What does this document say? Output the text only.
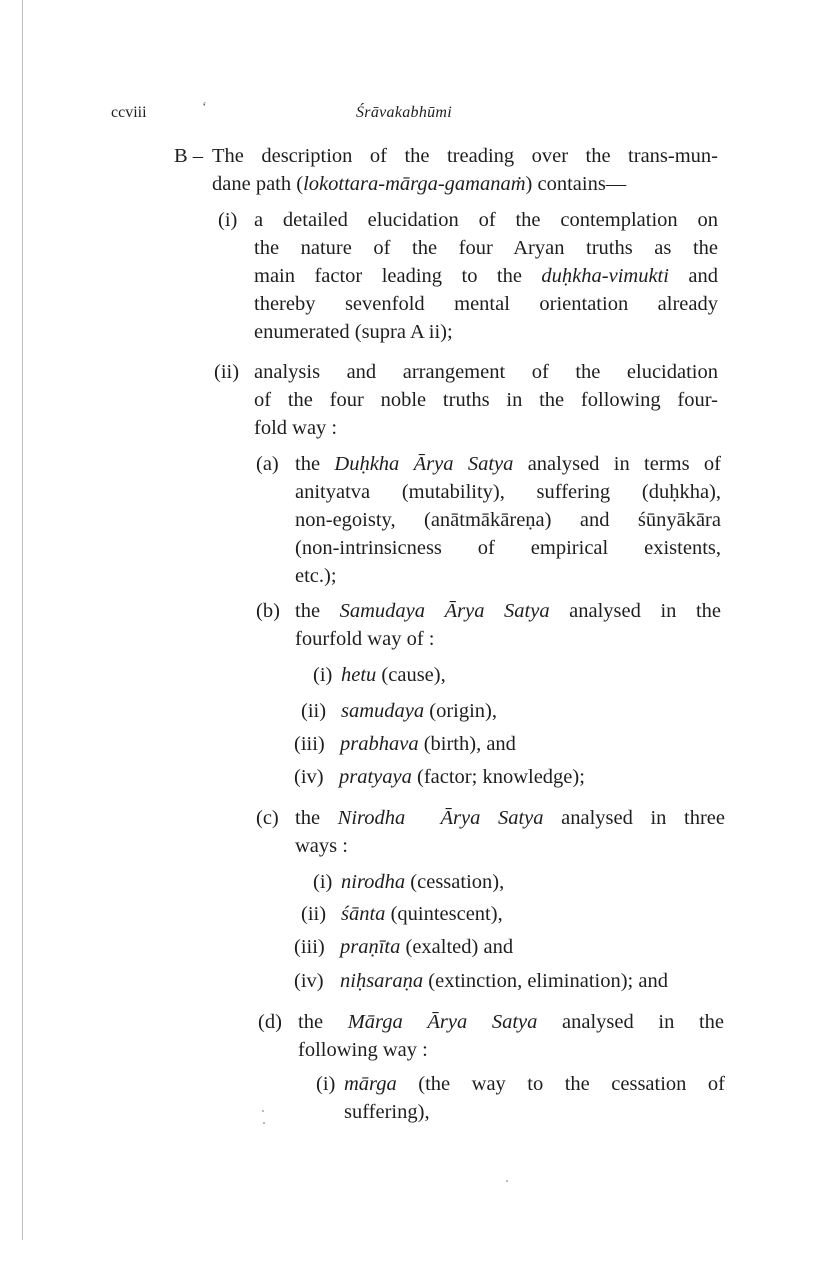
ccviii	‘	Śrāvakabhūmi
B – The description of the treading over the trans-mun-
dane path (lokottara-mārga-gamanaṁ) contains—
(i) a detailed elucidation of the contemplation on
the nature of the four Aryan truths as the
main factor leading to the duḥkha-vimukti and
thereby sevenfold mental orientation already
enumerated (supra A ii);
(ii) analysis and arrangement of the elucidation
of the four noble truths in the following four-
fold way :
(a) the Duḥkha Ārya Satya analysed in terms of
anityatva (mutability), suffering (duḥkha),
non-egoisty, (anātmākāreṇa) and śūnyākāra
(non-intrinsicness of empirical existents,
etc.);
(b) the Samudaya Ārya Satya analysed in the
fourfold way of :
(i) hetu (cause),
(ii) samudaya (origin),
(iii) prabhava (birth), and
(iv) pratyaya (factor; knowledge);
(c) the Nirodha  Ārya Satya analysed in three
ways :
(i) nirodha (cessation),
(ii) śānta (quintescent),
(iii) praṇīta (exalted) and
(iv) niḥsaraṇa (extinction, elimination); and
(d) the Mārga Ārya Satya analysed in the
following way :
(i) mārga (the way to the cessation of
suffering),
